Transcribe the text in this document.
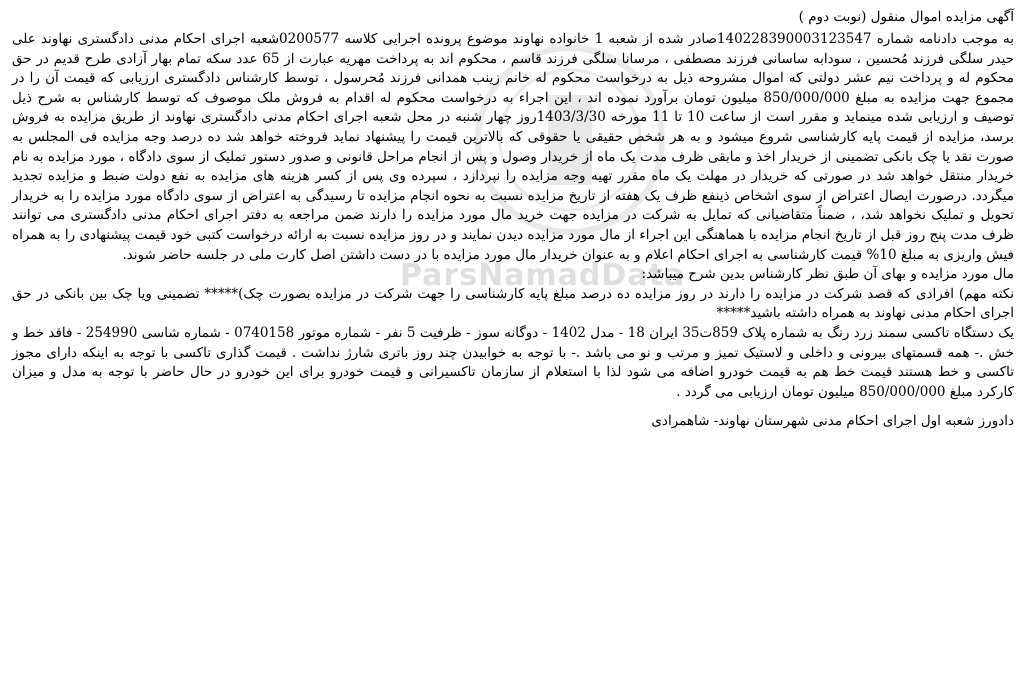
ParsNamadData

آگهی مزایده اموال منقول (نوبت دوم )

به موجب دادنامه شماره 140228390003123547صادر شده از شعبه 1 خانواده نهاوند موضوع پرونده اجرایی کلاسه 0200577شعبه اجرای احکام مدنی دادگستری نهاوند علی حیدر سلگی فرزند مُحسین ، سودابه ساسانی فرزند مصطفی ، مرسانا سلگی فرزند قاسم ، محکوم اند به پرداخت مهریه عبارت از 65 عدد سکه تمام بهار آزادی طرح قدیم در حق محکوم له و پرداخت نیم عشر دولتی که اموال مشروحه ذیل به درخواست محکوم له خانم زینب همدانی فرزند مُحرسول ، توسط کارشناس دادگستری ارزیابی که قیمت آن را در مجموع جهت مزایده به مبلغ 850/000/000 میلیون تومان برآورد نموده اند ، این اجراء به درخواست محکوم له اقدام به فروش ملک موصوف که توسط کارشناس به شرح ذیل توصیف و ارزیابی شده مینماید و مقرر است از ساعت 10 تا 11 مورخه 1403/3/30روز چهار شنبه در محل شعبه اجرای احکام مدنی دادگستری نهاوند از طریق مزایده به فروش برسد، مزایده از قیمت پایه کارشناسی شروع میشود و به هر شخص حقیقی یا حقوقی که بالاترین قیمت را پیشنهاد نماید فروخته خواهد شد ده درصد وجه مزایده فی المجلس به صورت نقد یا چک بانکی تضمینی از خریدار اخذ و مابقی ظرف مدت یک ماه از خریدار وصول و پس از انجام مراحل قانونی و صدور دستور تملیک از سوی دادگاه ، مورد مزایده به نام خریدار منتقل خواهد شد در صورتی که خریدار در مهلت یک ماه مقرر تهیه وجه مزایده را نپردازد ، سپرده وی پس از کسر هزینه های مزایده به نفع دولت ضبط و مزایده تجدید میگردد. درصورت ایصال اعتراض از سوی اشخاص ذینفع ظرف یک هفته از تاریخ مزایده نسبت به نحوه انجام مزایده تا رسیدگی به اعتراض از سوی دادگاه مورد مزایده را به خریدار تحویل و تملیک نخواهد شد، ، ضمناً متقاضیانی که تمایل به شرکت در مزایده جهت خرید مال مورد مزایده را دارند ضمن مراجعه به دفتر اجرای احکام مدنی دادگستری می توانند ظرف مدت پنج روز قبل از تاریخ انجام مزایده با هماهنگی این اجراء از مال مورد مزایده دیدن نمایند و در روز مزایده نسبت به ارائه درخواست کتبی خود قیمت پیشنهادی را به همراه فیش واریزی به مبلغ 10% قیمت کارشناسی به اجرای احکام اعلام و به عنوان خریدار مال مورد مزایده با در دست داشتن اصل کارت ملی در جلسه حاضر شوند.

مال مورد مزایده و بهای آن طبق نظر کارشناس بدین شرح میباشد:

نکته مهم) افرادی که قصد شرکت در مزایده را دارند در روز مزایده ده درصد مبلغ پایه کارشناسی را جهت شرکت در مزایده بصورت چک)***** تضمینی ویا چک بین بانکی در حق اجرای احکام مدنی نهاوند به همراه داشته باشید*****

یک دستگاه تاکسی سمند زرد رنگ به شماره پلاک 859ت35 ایران 18 - مدل 1402 - دوگانه سوز - ظرفیت 5 نفر - شماره موتور 0740158 - شماره شاسی 254990 - فاقد خط و خش .- همه قسمتهای بیرونی و داخلی و لاستیک تمیز و مرتب و نو می باشد .- با توجه به خوابیدن چند روز باتری شارژ نداشت . قیمت گذاری تاکسی با توجه به اینکه دارای مجوز تاکسی و خط هستند قیمت خط هم به قیمت خودرو اضافه می شود لذا با استعلام از سازمان تاکسیرانی و قیمت خودرو برای این خودرو در حال حاضر با توجه به مدل و میزان کارکرد مبلغ 850/000/000 میلیون تومان ارزیابی می گردد .

دادورز شعبه اول اجرای احکام مدنی شهرستان نهاوند- شاهمرادی
